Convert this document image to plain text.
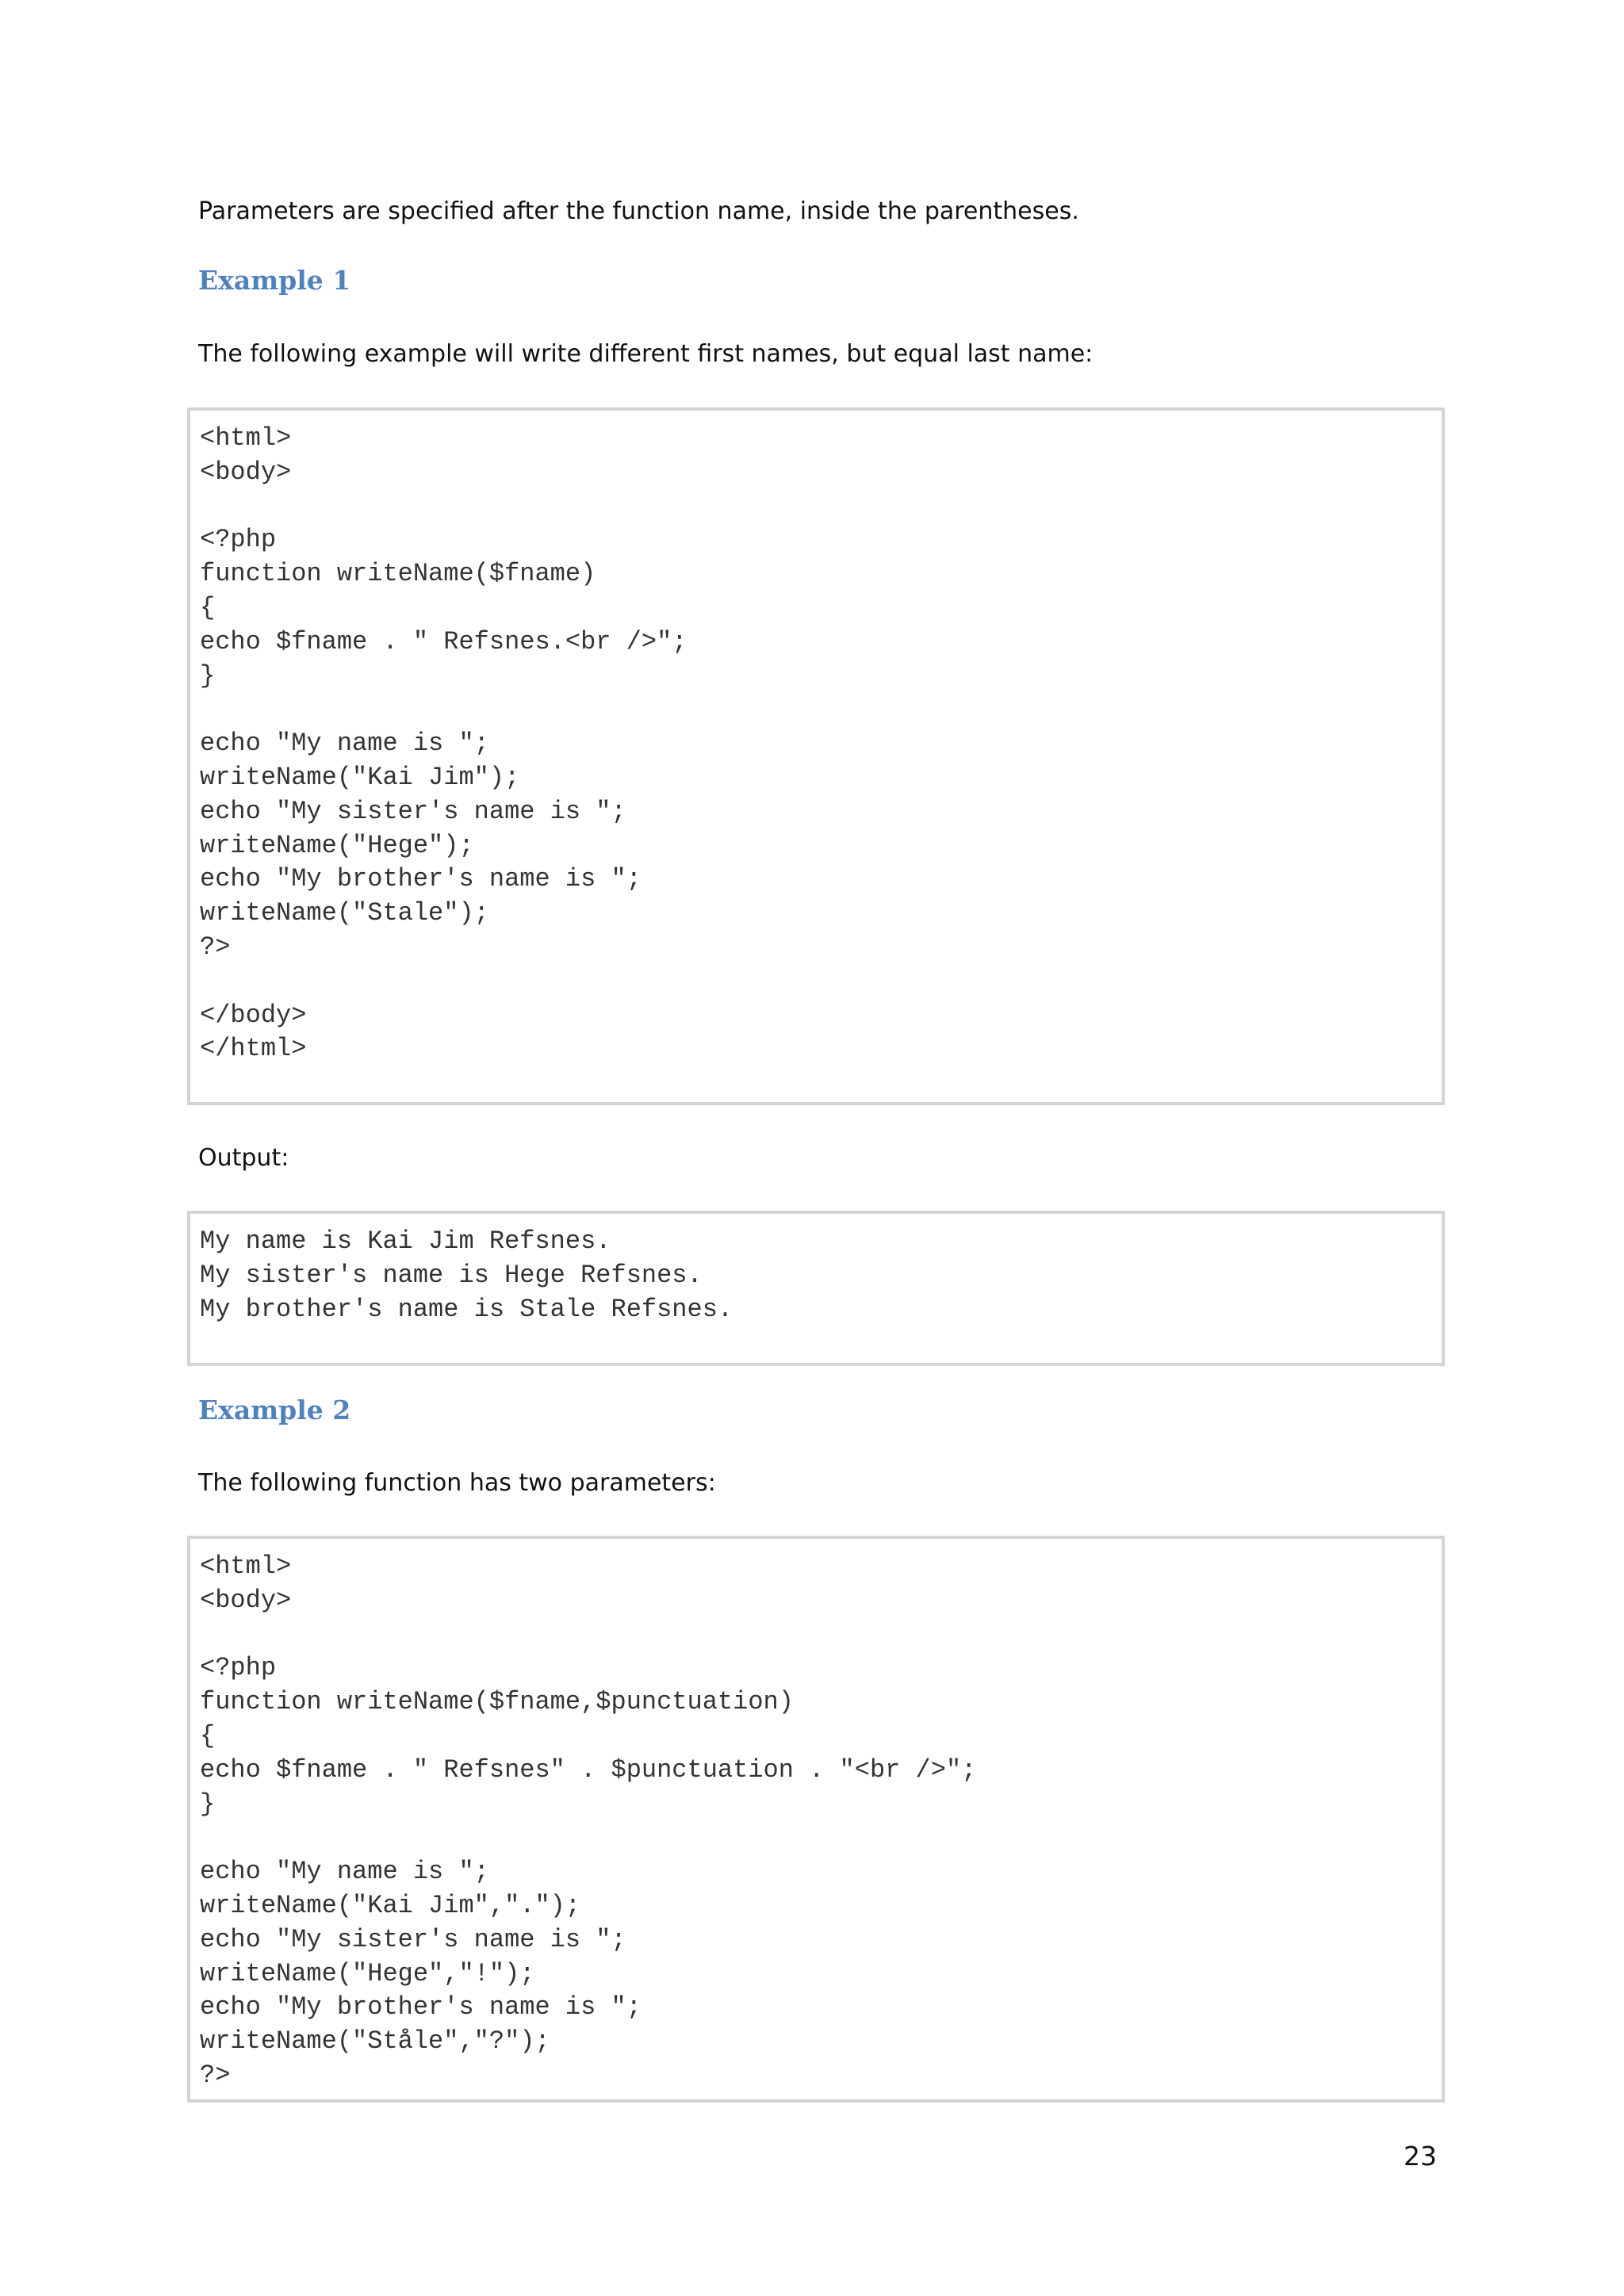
Parameters are specified after the function name, inside the parentheses.

Example 1

The following example will write different first names, but equal last name:

<html>
<body>

<?php
function writeName($fname)
{
echo $fname . " Refsnes.<br />";
}

echo "My name is ";
writeName("Kai Jim");
echo "My sister's name is ";
writeName("Hege");
echo "My brother's name is ";
writeName("Stale");
?>

</body>
</html>

Output:

My name is Kai Jim Refsnes.
My sister's name is Hege Refsnes.
My brother's name is Stale Refsnes.
Example 2

The following function has two parameters:

<html>
<body>

<?php
function writeName($fname,$punctuation)
{
echo $fname . " Refsnes" . $punctuation . "<br />";
}

echo "My name is ";
writeName("Kai Jim",".");
echo "My sister's name is ";
writeName("Hege","!");
echo "My brother's name is ";
writeName("Ståle","?");
?>

23
